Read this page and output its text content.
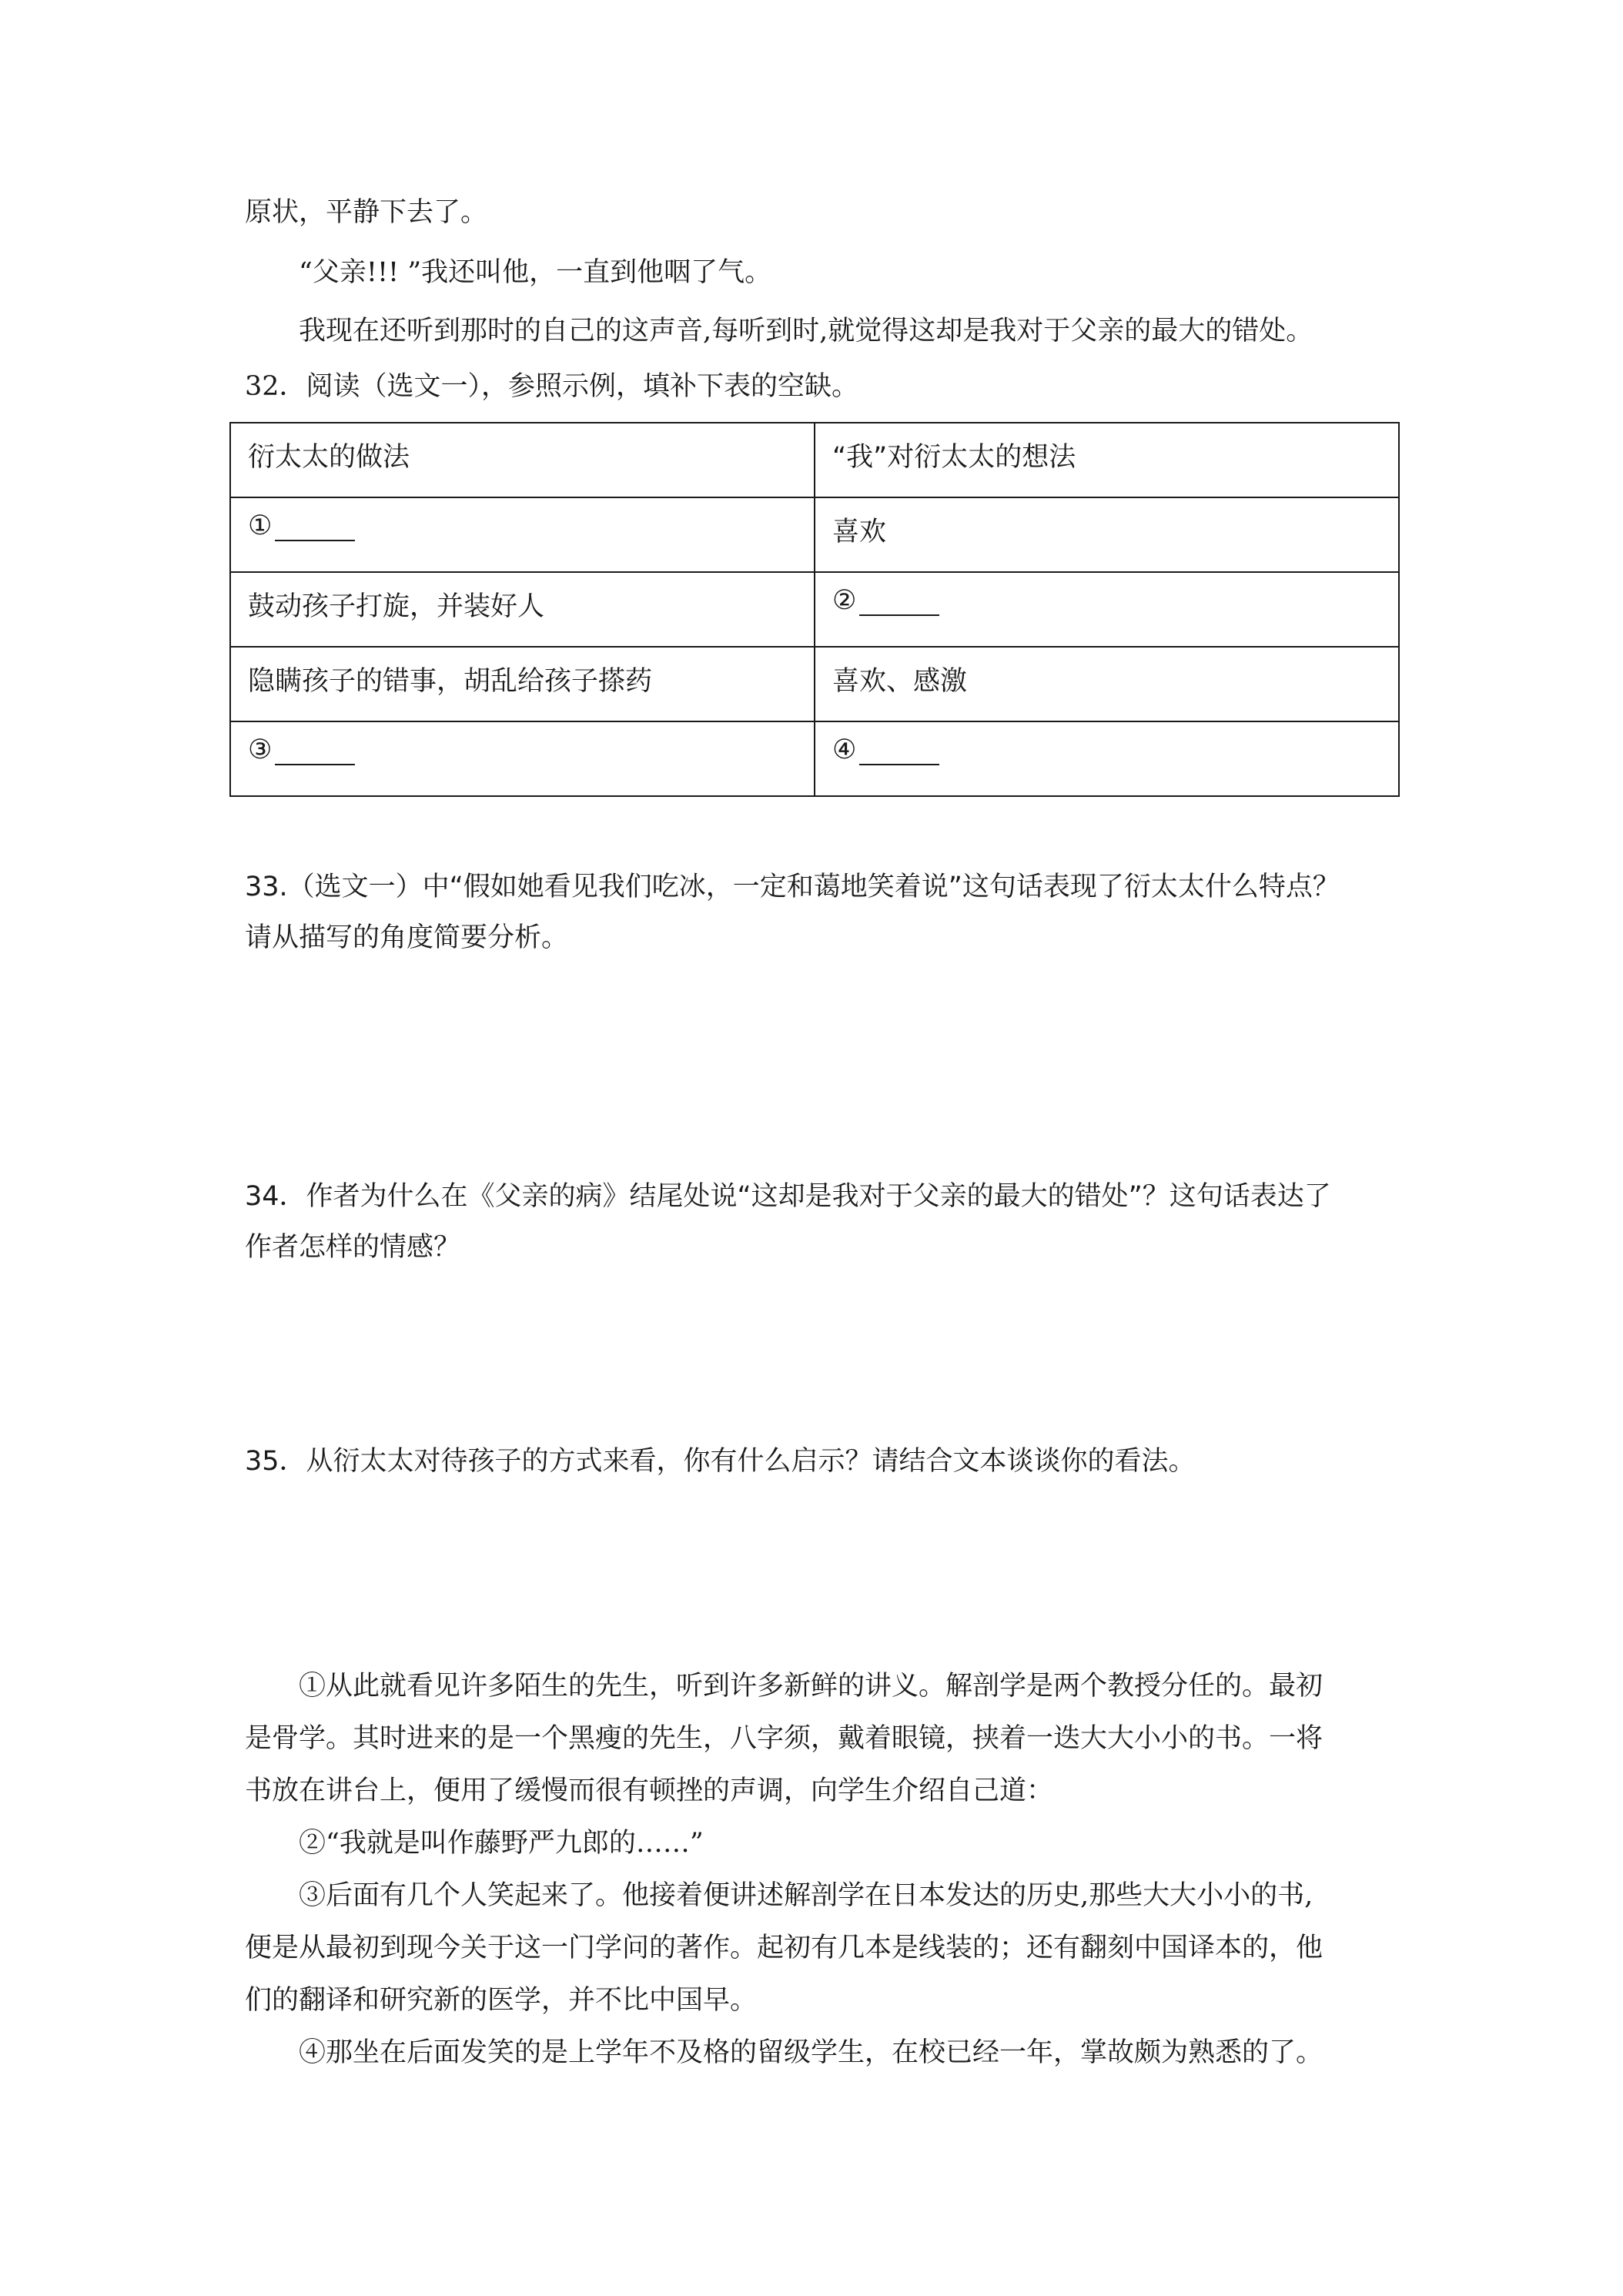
原状，平静下去了。
“父亲!!! ”我还叫他，一直到他咽了气。
我现在还听到那时的自己的这声音,每听到时,就觉得这却是我对于父亲的最大的错处。
32．阅读（选文一），参照示例，填补下表的空缺。
衍太太的做法	“我”对衍太太的想法
①	喜欢
鼓动孩子打旋，并装好人	②
隐瞒孩子的错事，胡乱给孩子搽药	喜欢、感激
③	④
33.（选文一）中“假如她看见我们吃冰，一定和蔼地笑着说”这句话表现了衍太太什么特点？
请从描写的角度简要分析。
34．作者为什么在《父亲的病》结尾处说“这却是我对于父亲的最大的错处”？这句话表达了
作者怎样的情感？
35．从衍太太对待孩子的方式来看，你有什么启示？请结合文本谈谈你的看法。
①从此就看见许多陌生的先生，听到许多新鲜的讲义。解剖学是两个教授分任的。最初
是骨学。其时进来的是一个黑瘦的先生，八字须，戴着眼镜，挟着一迭大大小小的书。一将
书放在讲台上，便用了缓慢而很有顿挫的声调，向学生介绍自己道：
②“我就是叫作藤野严九郎的……”
③后面有几个人笑起来了。他接着便讲述解剖学在日本发达的历史,那些大大小小的书,
便是从最初到现今关于这一门学问的著作。起初有几本是线装的；还有翻刻中国译本的，他
们的翻译和研究新的医学，并不比中国早。
④那坐在后面发笑的是上学年不及格的留级学生，在校已经一年，掌故颇为熟悉的了。
